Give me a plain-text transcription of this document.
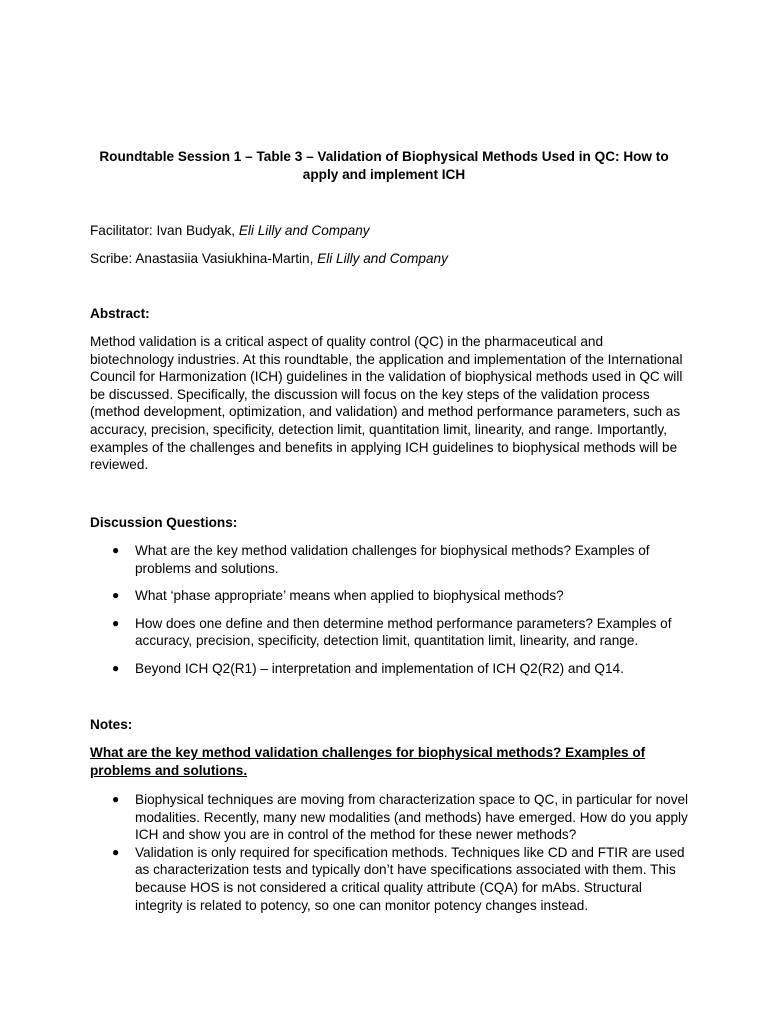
Roundtable Session 1 – Table 3 – Validation of Biophysical Methods Used in QC: How to apply and implement ICH
Facilitator: Ivan Budyak, Eli Lilly and Company
Scribe: Anastasiia Vasiukhina-Martin, Eli Lilly and Company
Abstract:
Method validation is a critical aspect of quality control (QC) in the pharmaceutical and biotechnology industries. At this roundtable, the application and implementation of the International Council for Harmonization (ICH) guidelines in the validation of biophysical methods used in QC will be discussed. Specifically, the discussion will focus on the key steps of the validation process (method development, optimization, and validation) and method performance parameters, such as accuracy, precision, specificity, detection limit, quantitation limit, linearity, and range. Importantly, examples of the challenges and benefits in applying ICH guidelines to biophysical methods will be reviewed.
Discussion Questions:
● What are the key method validation challenges for biophysical methods? Examples of problems and solutions.
● What ‘phase appropriate’ means when applied to biophysical methods?
● How does one define and then determine method performance parameters? Examples of accuracy, precision, specificity, detection limit, quantitation limit, linearity, and range.
● Beyond ICH Q2(R1) – interpretation and implementation of ICH Q2(R2) and Q14.
Notes:
What are the key method validation challenges for biophysical methods? Examples of problems and solutions.
● Biophysical techniques are moving from characterization space to QC, in particular for novel modalities. Recently, many new modalities (and methods) have emerged. How do you apply ICH and show you are in control of the method for these newer methods?
● Validation is only required for specification methods. Techniques like CD and FTIR are used as characterization tests and typically don’t have specifications associated with them. This because HOS is not considered a critical quality attribute (CQA) for mAbs. Structural integrity is related to potency, so one can monitor potency changes instead.
